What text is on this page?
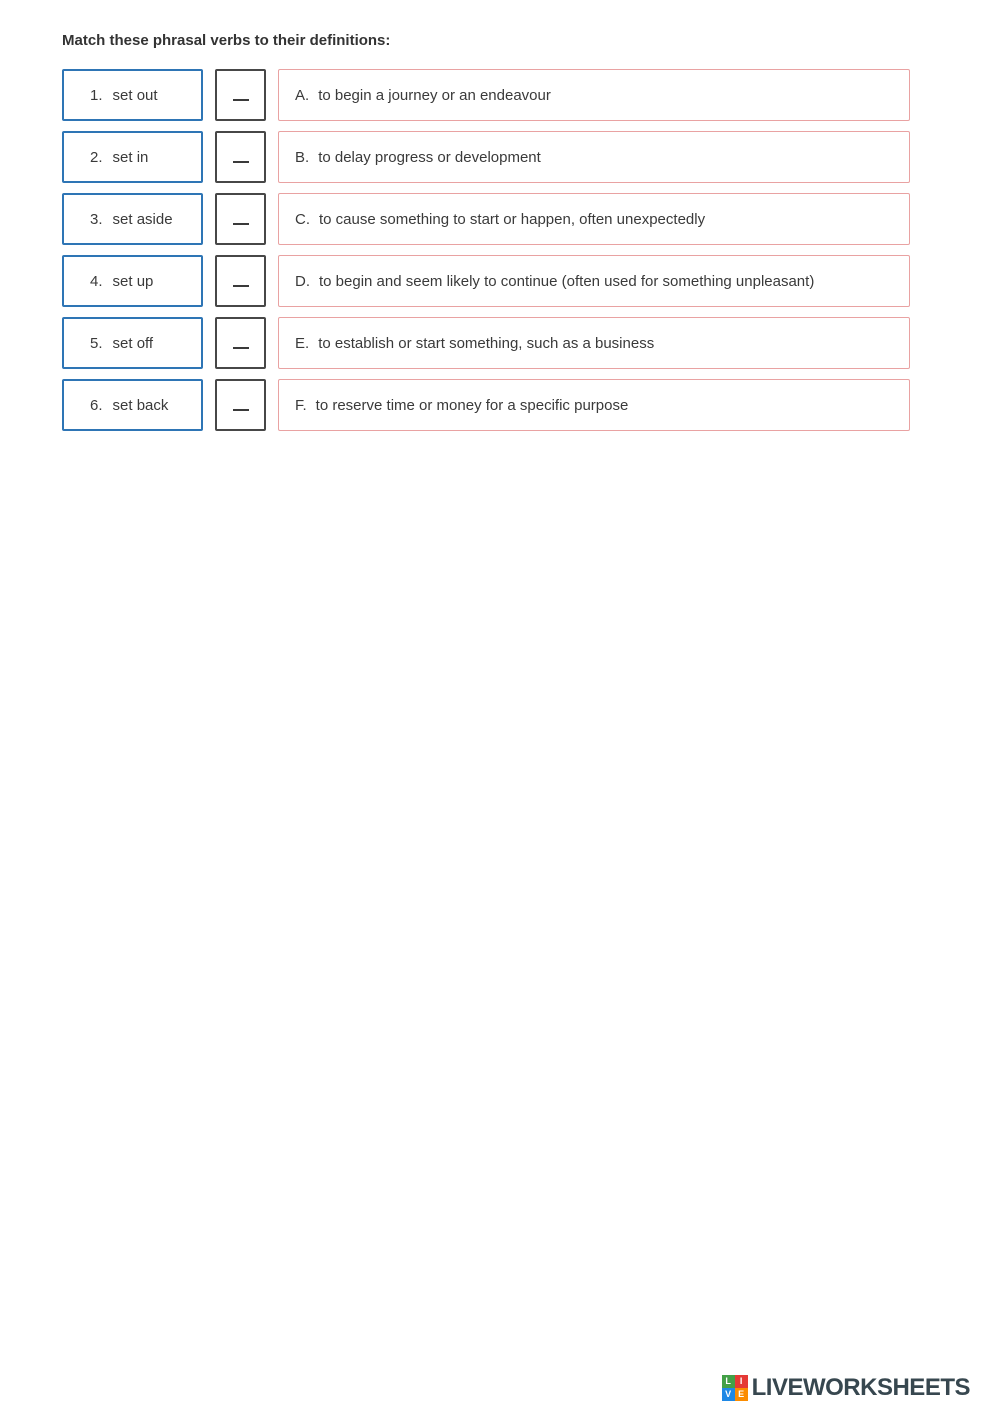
Match these phrasal verbs to their definitions:
1. set out	A. to begin a journey or an endeavour
2. set in	B. to delay progress or development
3. set aside	C. to cause something to start or happen, often unexpectedly
4. set up	D. to begin and seem likely to continue (often used for something unpleasant)
5. set off	E. to establish or start something, such as a business
6. set back	F. to reserve time or money for a specific purpose
L I
V E LIVEWORKSHEETS
